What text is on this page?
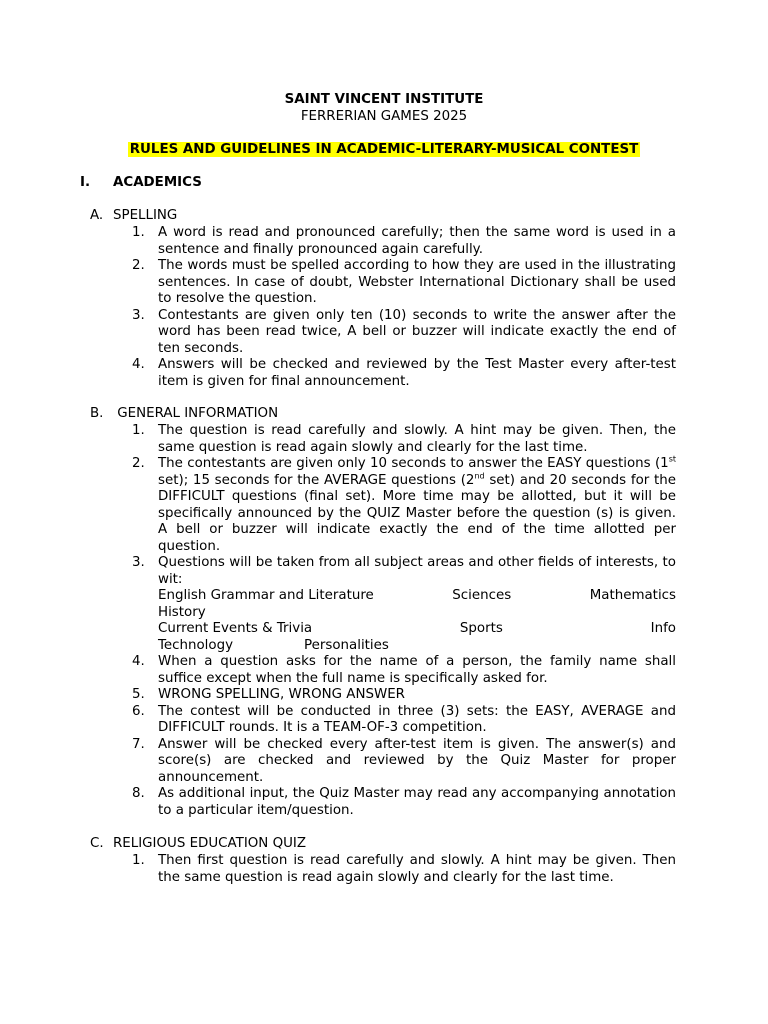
SAINT VINCENT INSTITUTE
FERRERIAN GAMES 2025
RULES AND GUIDELINES IN ACADEMIC-LITERARY-MUSICAL CONTEST
I. ACADEMICS
A. SPELLING
1. A word is read and pronounced carefully; then the same word is used in a sentence and finally pronounced again carefully.
2. The words must be spelled according to how they are used in the illustrating sentences. In case of doubt, Webster International Dictionary shall be used to resolve the question.
3. Contestants are given only ten (10) seconds to write the answer after the word has been read twice, A bell or buzzer will indicate exactly the end of ten seconds.
4. Answers will be checked and reviewed by the Test Master every after-test item is given for final announcement.
B. GENERAL INFORMATION
1. The question is read carefully and slowly. A hint may be given. Then, the same question is read again slowly and clearly for the last time.
2. The contestants are given only 10 seconds to answer the EASY questions (1st set); 15 seconds for the AVERAGE questions (2nd set) and 20 seconds for the DIFFICULT questions (final set). More time may be allotted, but it will be specifically announced by the QUIZ Master before the question (s) is given. A bell or buzzer will indicate exactly the end of the time allotted per question.
3. Questions will be taken from all subject areas and other fields of interests, to wit:
English Grammar and Literature	Sciences	Mathematics
History
Current Events & Trivia	Sports	Info
Technology	Personalities
4. When a question asks for the name of a person, the family name shall suffice except when the full name is specifically asked for.
5. WRONG SPELLING, WRONG ANSWER
6. The contest will be conducted in three (3) sets: the EASY, AVERAGE and DIFFICULT rounds. It is a TEAM-OF-3 competition.
7. Answer will be checked every after-test item is given. The answer(s) and score(s) are checked and reviewed by the Quiz Master for proper announcement.
8. As additional input, the Quiz Master may read any accompanying annotation to a particular item/question.
C. RELIGIOUS EDUCATION QUIZ
1. Then first question is read carefully and slowly. A hint may be given. Then the same question is read again slowly and clearly for the last time.
